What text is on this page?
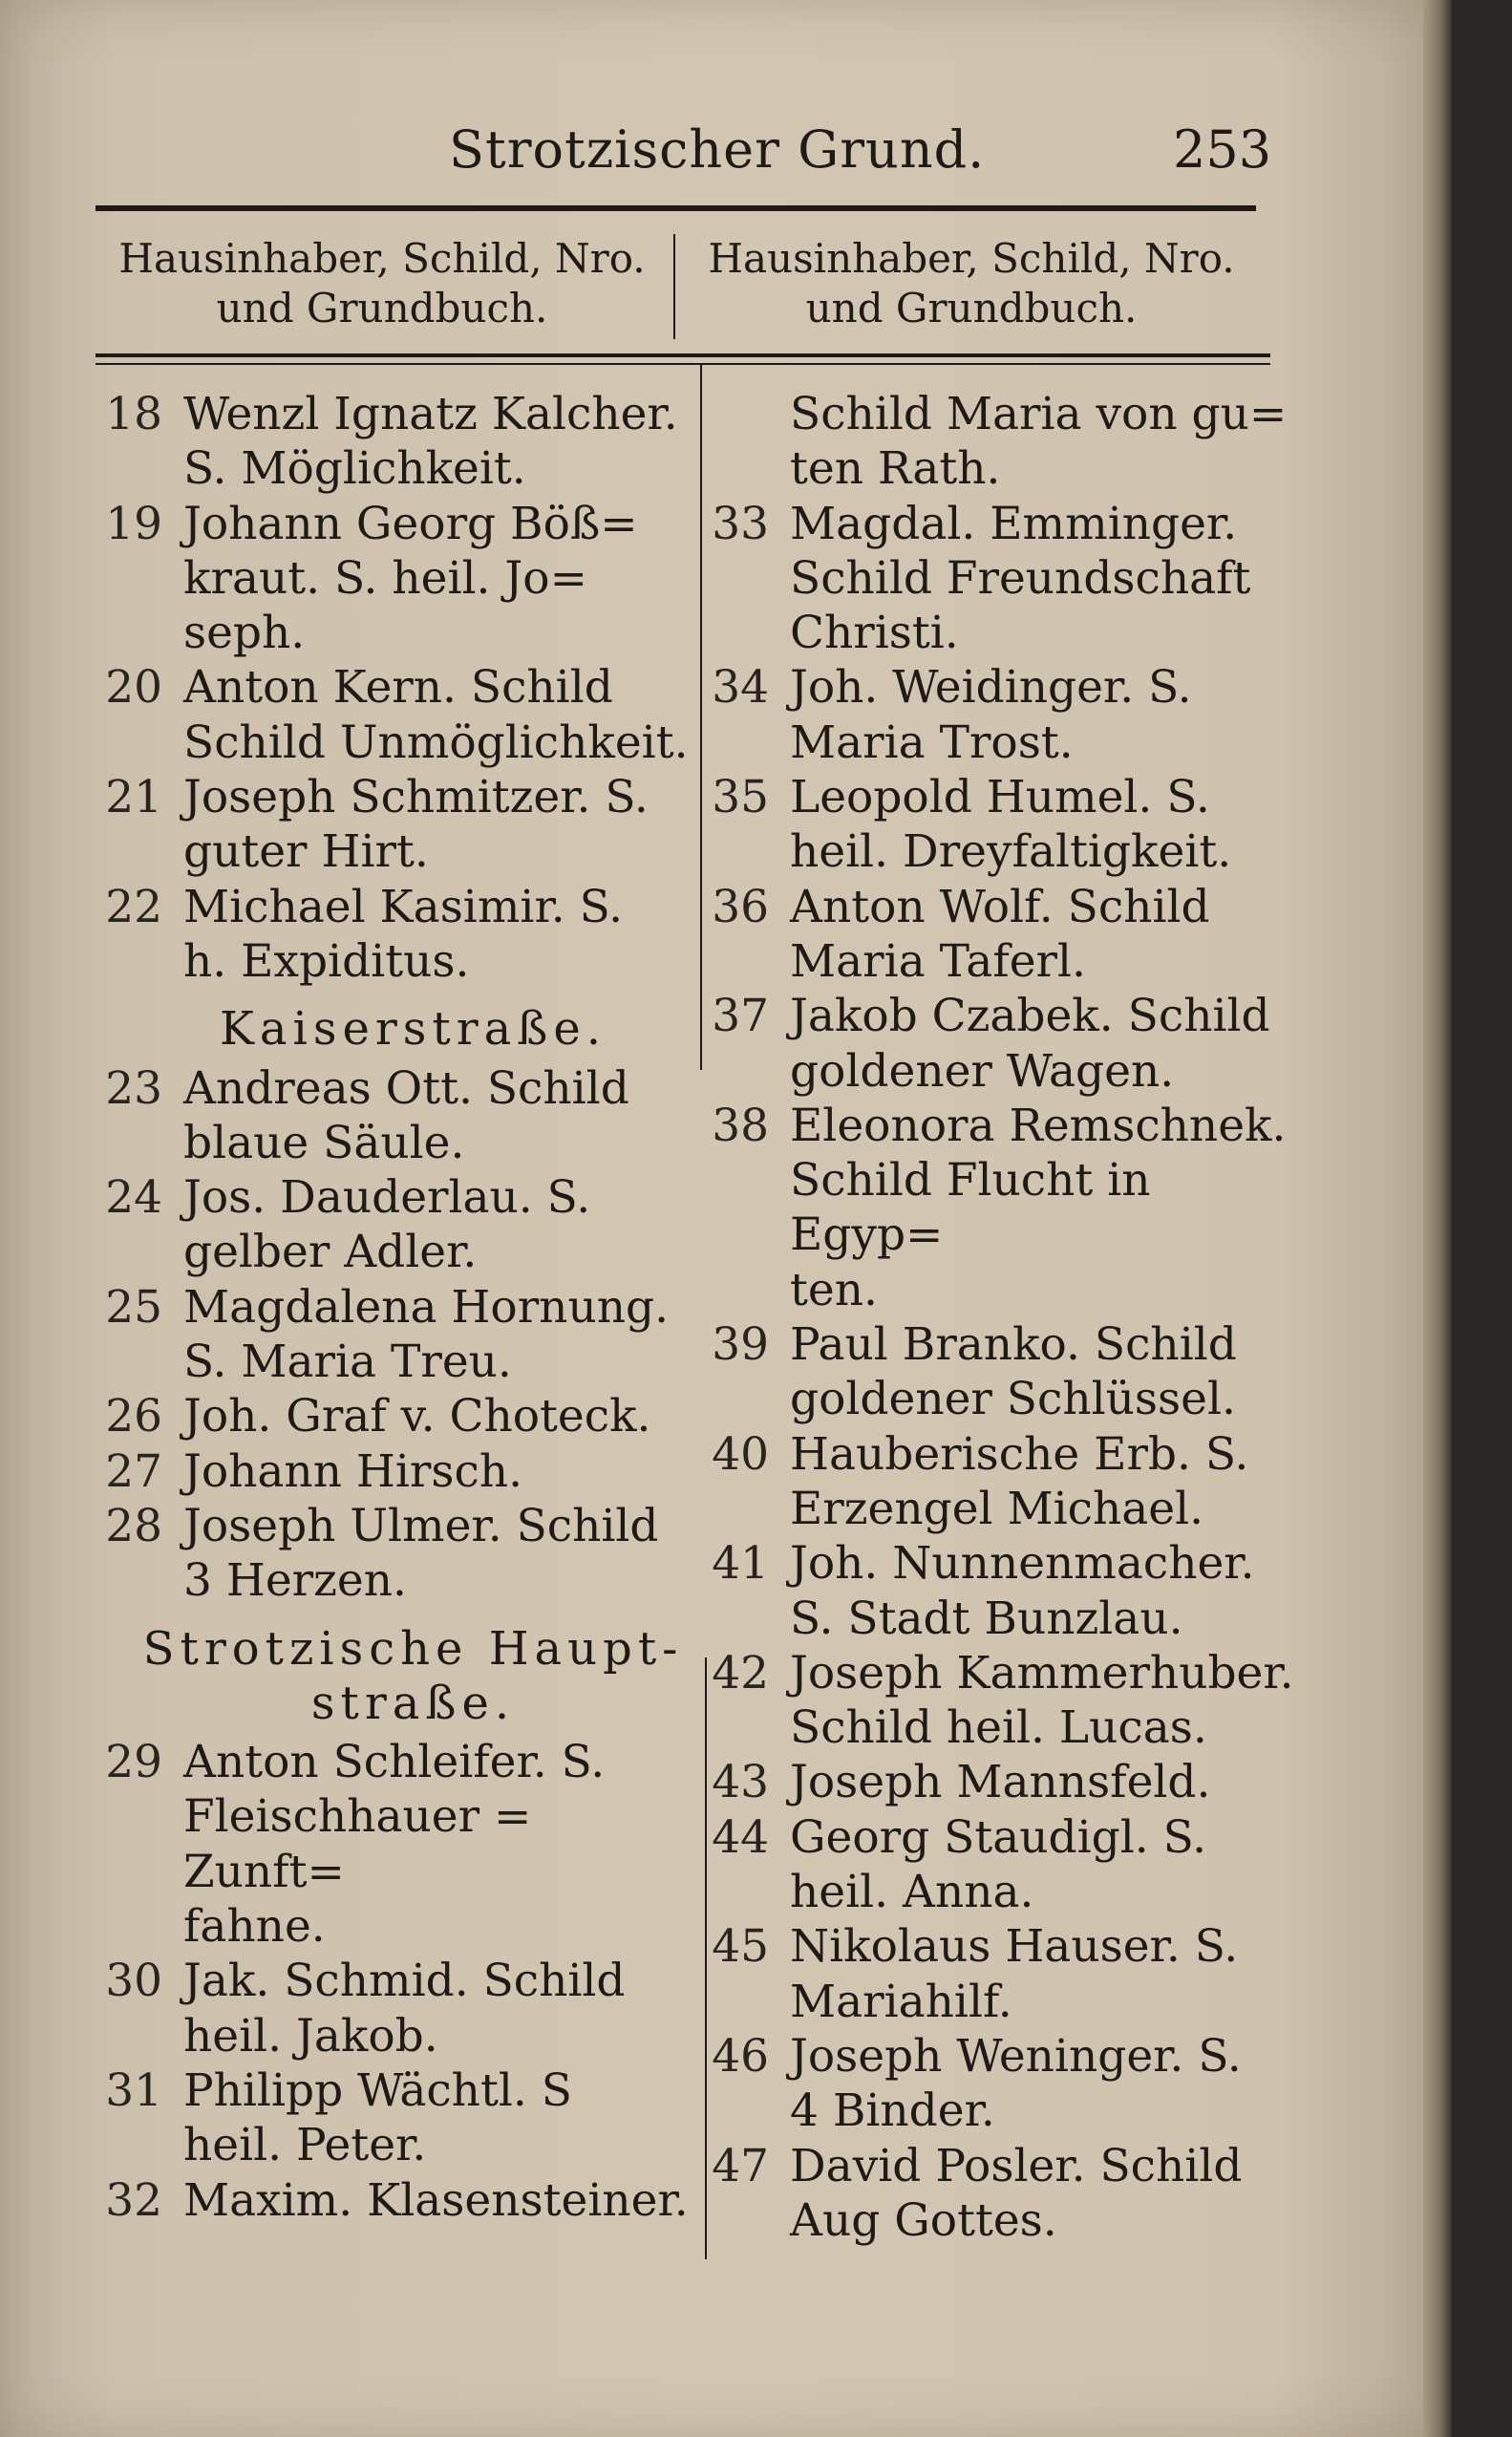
Strotzischer Grund.	253
Hausinhaber, Schild, Nro.
und Grundbuch.
Hausinhaber, Schild, Nro.
und Grundbuch.
18 Wenzl Ignatz Kalcher.
S. Möglichkeit.
19 Johann Georg Böß=
kraut. S. heil. Jo=
seph.
20 Anton Kern. Schild
Schild Unmöglichkeit.
21 Joseph Schmitzer. S.
guter Hirt.
22 Michael Kasimir. S.
h. Expiditus.
Kaiserstraße.
23 Andreas Ott. Schild
blaue Säule.
24 Jos. Dauderlau. S.
gelber Adler.
25 Magdalena Hornung.
S. Maria Treu.
26 Joh. Graf v. Choteck.
27 Johann Hirsch.
28 Joseph Ulmer. Schild
3 Herzen.
Strotzische Haupt-
straße.
29 Anton Schleifer. S.
Fleischhauer = Zunft=
fahne.
30 Jak. Schmid. Schild
heil. Jakob.
31 Philipp Wächtl. S
heil. Peter.
32 Maxim. Klasensteiner.
Schild Maria von gu=
ten Rath.
33 Magdal. Emminger.
Schild Freundschaft
Christi.
34 Joh. Weidinger. S.
Maria Trost.
35 Leopold Humel. S.
heil. Dreyfaltigkeit.
36 Anton Wolf. Schild
Maria Taferl.
37 Jakob Czabek. Schild
goldener Wagen.
38 Eleonora Remschnek.
Schild Flucht in Egyp=
ten.
39 Paul Branko. Schild
goldener Schlüssel.
40 Hauberische Erb. S.
Erzengel Michael.
41 Joh. Nunnenmacher.
S. Stadt Bunzlau.
42 Joseph Kammerhuber.
Schild heil. Lucas.
43 Joseph Mannsfeld.
44 Georg Staudigl. S.
heil. Anna.
45 Nikolaus Hauser. S.
Mariahilf.
46 Joseph Weninger. S.
4 Binder.
47 David Posler. Schild
Aug Gottes.
